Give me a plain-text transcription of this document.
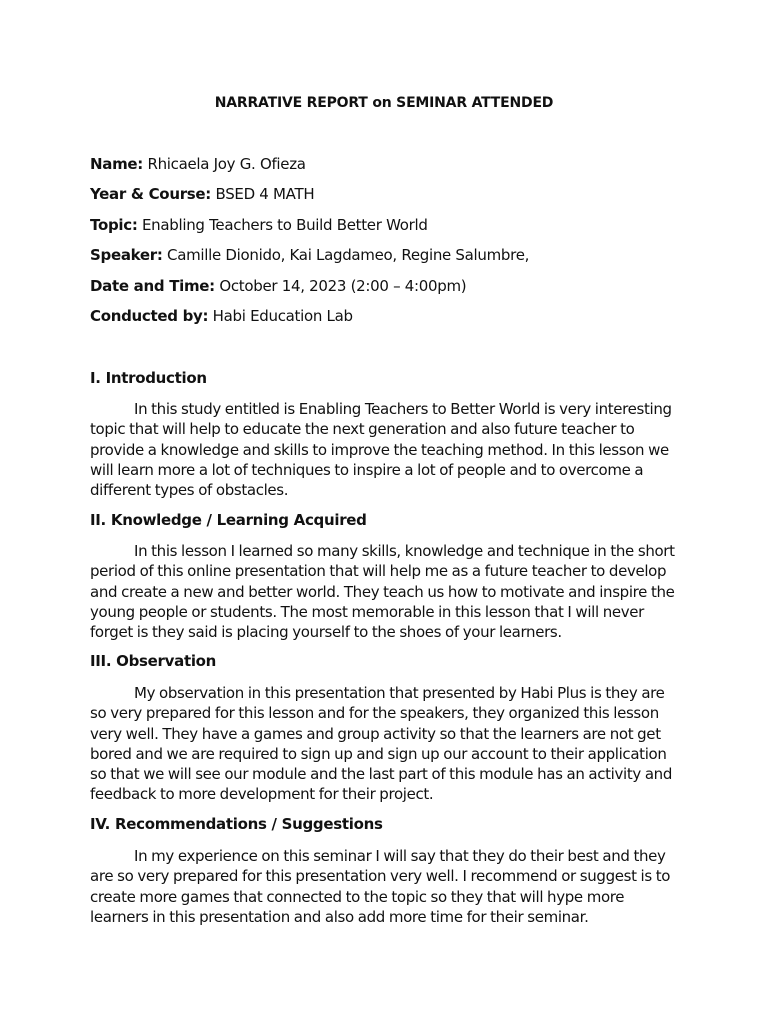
NARRATIVE REPORT on SEMINAR ATTENDED
Name: Rhicaela Joy G. Ofieza
Year & Course: BSED 4 MATH
Topic: Enabling Teachers to Build Better World
Speaker: Camille Dionido, Kai Lagdameo, Regine Salumbre,
Date and Time: October 14, 2023 (2:00 – 4:00pm)
Conducted by: Habi Education Lab
I. Introduction

In this study entitled is Enabling Teachers to Better World is very interesting topic that will help to educate the next generation and also future teacher to provide a knowledge and skills to improve the teaching method. In this lesson we will learn more a lot of techniques to inspire a lot of people and to overcome a different types of obstacles.

II. Knowledge / Learning Acquired

In this lesson I learned so many skills, knowledge and technique in the short period of this online presentation that will help me as a future teacher to develop and create a new and better world. They teach us how to motivate and inspire the young people or students. The most memorable in this lesson that I will never forget is they said is placing yourself to the shoes of your learners.

III. Observation

My observation in this presentation that presented by Habi Plus is they are so very prepared for this lesson and for the speakers, they organized this lesson very well. They have a games and group activity so that the learners are not get bored and we are required to sign up and sign up our account to their application so that we will see our module and the last part of this module has an activity and feedback to more development for their project.

IV. Recommendations / Suggestions

In my experience on this seminar I will say that they do their best and they are so very prepared for this presentation very well. I recommend or suggest is to create more games that connected to the topic so they that will hype more learners in this presentation and also add more time for their seminar.
